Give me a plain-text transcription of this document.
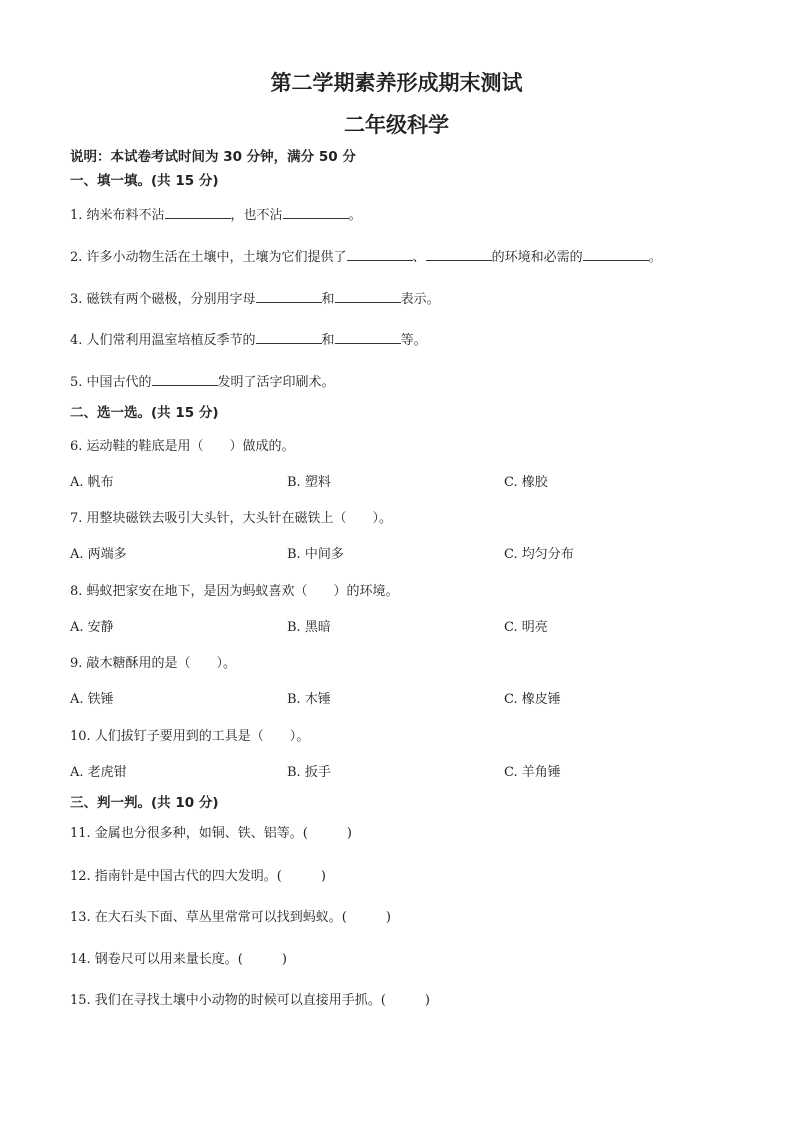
第二学期素养形成期末测试
二年级科学
说明：本试卷考试时间为 30 分钟，满分 50 分
一、填一填。(共 15 分)
1. 纳米布料不沾	，也不沾	。
2. 许多小动物生活在土壤中，土壤为它们提供了	、	的环境和必需的	。
3. 磁铁有两个磁极，分别用字母	和	表示。
4. 人们常利用温室培植反季节的	和	等。
5. 中国古代的	发明了活字印刷术。
二、选一选。(共 15 分)
6. 运动鞋的鞋底是用（　　）做成的。
A. 帆布	B. 塑料	C. 橡胶
7. 用整块磁铁去吸引大头针，大头针在磁铁上（　　）。
A. 两端多	B. 中间多	C. 均匀分布
8. 蚂蚁把家安在地下，是因为蚂蚁喜欢（　　）的环境。
A. 安静	B. 黑暗	C. 明亮
9. 敲木糖酥用的是（　　）。
A. 铁锤	B. 木锤	C. 橡皮锤
10. 人们拔钉子要用到的工具是（　　）。
A. 老虎钳	B. 扳手	C. 羊角锤
三、判一判。(共 10 分)
11. 金属也分很多种，如铜、铁、铝等。(　　　)
12. 指南针是中国古代的四大发明。(　　　)
13. 在大石头下面、草丛里常常可以找到蚂蚁。(　　　)
14. 钢卷尺可以用来量长度。(　　　)
15. 我们在寻找土壤中小动物的时候可以直接用手抓。(　　　)
